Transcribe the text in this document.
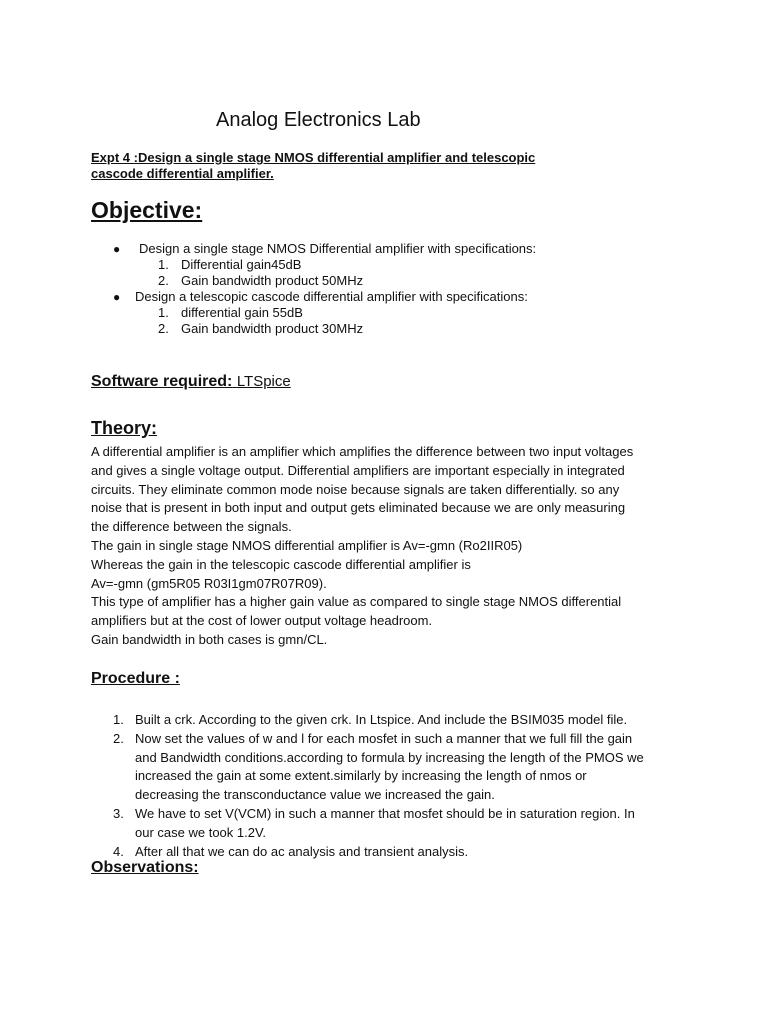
Analog Electronics Lab
Expt 4 :Design a single stage NMOS differential amplifier and telescopic
cascode differential amplifier.
Objective:
● Design a single stage NMOS Differential amplifier with specifications:
1. Differential gain45dB
2. Gain bandwidth product 50MHz
● Design a telescopic cascode differential amplifier with specifications:
1. differential gain 55dB
2. Gain bandwidth product 30MHz
Software required: LTSpice
Theory:

A differential amplifier is an amplifier which amplifies the difference between two input voltages

and gives a single voltage output. Differential amplifiers are important especially in integrated

circuits. They eliminate common mode noise because signals are taken differentially. so any

noise that is present in both input and output gets eliminated because we are only measuring

the difference between the signals.

The gain in single stage NMOS differential amplifier is Av=-gmn (Ro2IIR05)

Whereas the gain in the telescopic cascode differential amplifier is

Av=-gmn (gm5R05 R03I1gm07R07R09).

This type of amplifier has a higher gain value as compared to single stage NMOS differential

amplifiers but at the cost of lower output voltage headroom.

Gain bandwidth in both cases is gmn/CL.

Procedure :
1. Built a crk. According to the given crk. In Ltspice. And include the BSIM035 model file.
2. Now set the values of w and l for each mosfet in such a manner that we full fill the gain
and Bandwidth conditions.according to formula by increasing the length of the PMOS we
increased the gain at some extent.similarly by increasing the length of nmos or
decreasing the transconductance value we increased the gain.
3. We have to set V(VCM) in such a manner that mosfet should be in saturation region. In
our case we took 1.2V.
4. After all that we can do ac analysis and transient analysis.
Observations:
